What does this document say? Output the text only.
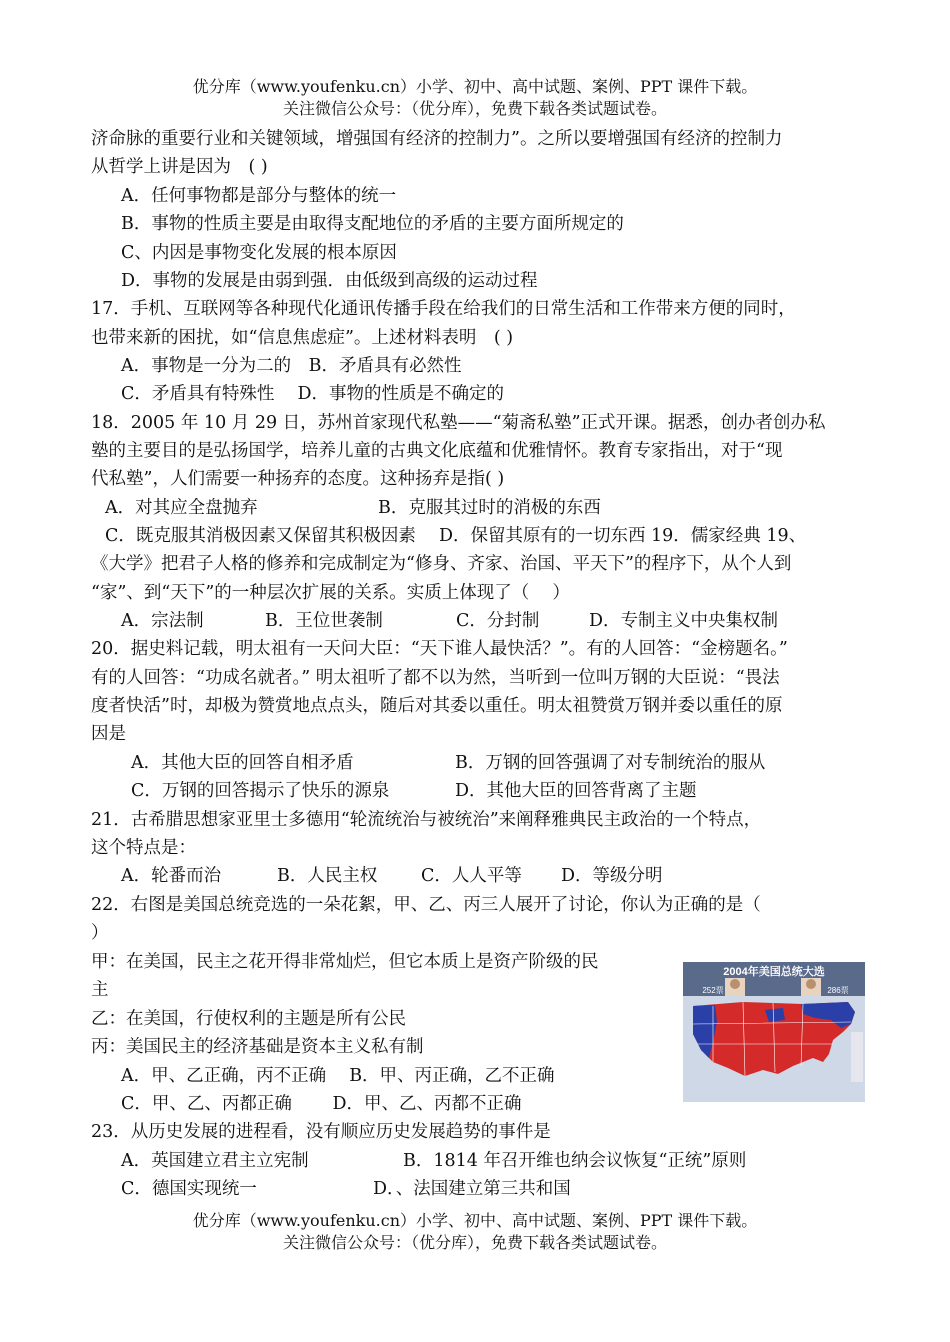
优分库（www.youfenku.cn）小学、初中、高中试题、案例、PPT 课件下载。
关注微信公众号：（优分库），免费下载各类试题试卷。
济命脉的重要行业和关键领域，增强国有经济的控制力”。之所以要增强国有经济的控制力
从哲学上讲是因为　( )
A．任何事物都是部分与整体的统一
B．事物的性质主要是由取得支配地位的矛盾的主要方面所规定的
C、内因是事物变化发展的根本原因
D．事物的发展是由弱到强．由低级到高级的运动过程
17．手机、互联网等各种现代化通讯传播手段在给我们的日常生活和工作带来方便的同时，
也带来新的困扰，如“信息焦虑症”。上述材料表明　( )
A．事物是一分为二的　B．矛盾具有必然性
C．矛盾具有特殊性　 D．事物的性质是不确定的
18．2005 年 10 月 29 日，苏州首家现代私塾——“菊斋私塾”正式开课。据悉，创办者创办私
塾的主要目的是弘扬国学，培养儿童的古典文化底蕴和优雅情怀。教育专家指出，对于“现
代私塾”，人们需要一种扬弃的态度。这种扬弃是指( )
A．对其应全盘抛弃	B．克服其过时的消极的东西
C．既克服其消极因素又保留其积极因素　 D．保留其原有的一切东西 19．儒家经典 19、
《大学》把君子人格的修养和完成制定为“修身、齐家、治国、平天下”的程序下，从个人到
“家”、到“天下”的一种层次扩展的关系。实质上体现了（　 ）
A．宗法制	B．王位世袭制	C．分封制	D．专制主义中央集权制
20．据史料记载，明太祖有一天问大臣：“天下谁人最快活？”。有的人回答：“金榜题名。”
有的人回答：“功成名就者。” 明太祖听了都不以为然，当听到一位叫万钢的大臣说：“畏法
度者快活”时，却极为赞赏地点点头，随后对其委以重任。明太祖赞赏万钢并委以重任的原
因是
A．其他大臣的回答自相矛盾	B．万钢的回答强调了对专制统治的服从
C．万钢的回答揭示了快乐的源泉	D．其他大臣的回答背离了主题
21．古希腊思想家亚里士多德用“轮流统治与被统治”来阐释雅典民主政治的一个特点，
这个特点是：
A．轮番而治	B．人民主权 C．人人平等 D．等级分明
22．右图是美国总统竞选的一朵花絮，甲、乙、丙三人展开了讨论，你认为正确的是（
）
甲：在美国，民主之花开得非常灿烂，但它本质上是资产阶级的民
主
乙：在美国，行使权利的主题是所有公民
丙：美国民主的经济基础是资本主义私有制
A．甲、乙正确，丙不正确　 B．甲、丙正确，乙不正确
C．甲、乙、丙都正确　　 D．甲、乙、丙都不正确
2004年美国总统大选
252票	286票
23．从历史发展的进程看，没有顺应历史发展趋势的事件是
A．英国建立君主立宪制	B．1814 年召开维也纳会议恢复“正统”原则
C．德国实现统一	D．、法国建立第三共和国
优分库（www.youfenku.cn）小学、初中、高中试题、案例、PPT 课件下载。
关注微信公众号：（优分库），免费下载各类试题试卷。
